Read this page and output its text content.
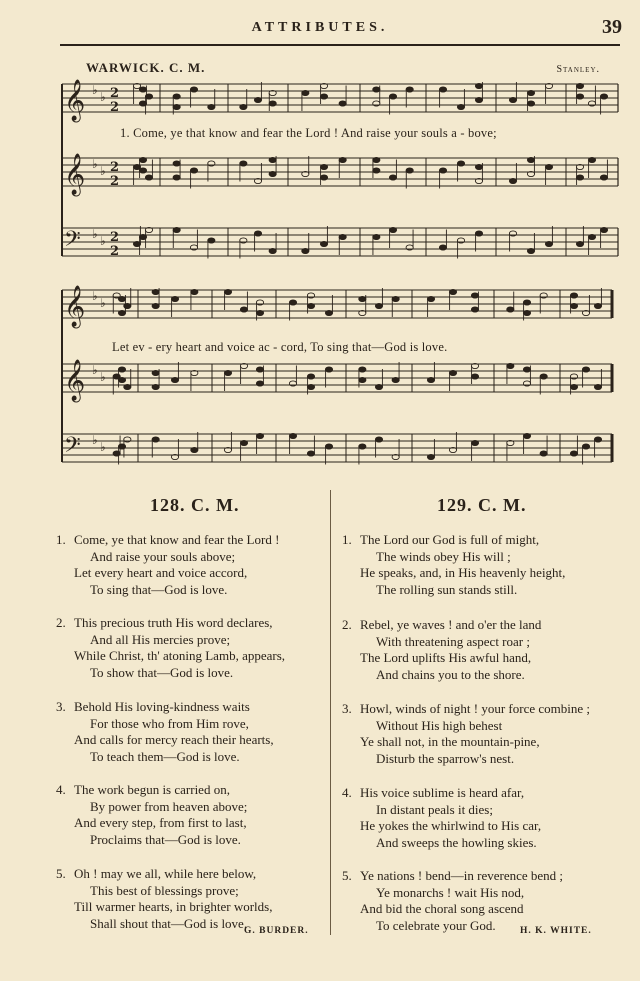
ATTRIBUTES.	39
WARWICK. C. M.	Stanley.
𝄞 ♭ ♭ 2
2
𝄞 ♭ ♭ 2
2
𝄢 ♭ ♭ 2
2
𝄞 ♭ ♭
𝄞 ♭ ♭
𝄢 ♭ ♭
1. Come, ye that know and fear the Lord ! And raise your souls a - bove;
Let ev - ery heart and voice ac - cord, To sing that—God is love.
128. C. M.
1. Come, ye that know and fear the Lord !
And raise your souls above;
Let every heart and voice accord,
To sing that—God is love.
2. This precious truth His word declares,
And all His mercies prove;
While Christ, th' atoning Lamb, appears,
To show that—God is love.
3. Behold His loving-kindness waits
For those who from Him rove,
And calls for mercy reach their hearts,
To teach them—God is love.
4. The work begun is carried on,
By power from heaven above;
And every step, from first to last,
Proclaims that—God is love.
5. Oh ! may we all, while here below,
This best of blessings prove;
Till warmer hearts, in brighter worlds,
Shall shout that—God is love.
G. BURDER.
129. C. M.
1. The Lord our God is full of might,
The winds obey His will ;
He speaks, and, in His heavenly height,
The rolling sun stands still.
2. Rebel, ye waves ! and o'er the land
With threatening aspect roar ;
The Lord uplifts His awful hand,
And chains you to the shore.
3. Howl, winds of night ! your force combine ;
Without His high behest
Ye shall not, in the mountain-pine,
Disturb the sparrow's nest.
4. His voice sublime is heard afar,
In distant peals it dies;
He yokes the whirlwind to His car,
And sweeps the howling skies.
5. Ye nations ! bend—in reverence bend ;
Ye monarchs ! wait His nod,
And bid the choral song ascend
To celebrate your God.	H. K. WHITE.
